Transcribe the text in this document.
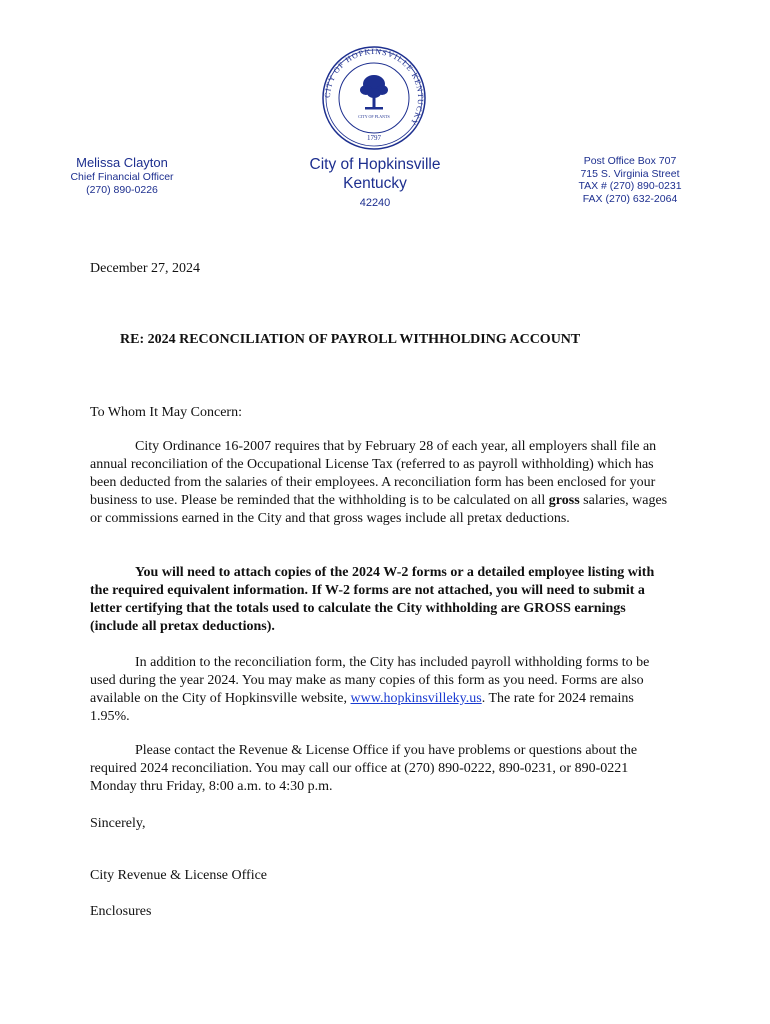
CITY OF HOPKINSVILLE KENTUCKY
CITY OF PLANTS
1797
Melissa Clayton
Chief Financial Officer
(270) 890-0226
City of Hopkinsville
Kentucky
42240
Post Office Box 707
715 S. Virginia Street
TAX # (270) 890-0231
FAX (270) 632-2064
December 27, 2024
RE: 2024 RECONCILIATION OF PAYROLL WITHHOLDING ACCOUNT
To Whom It May Concern:
City Ordinance 16-2007 requires that by February 28 of each year, all employers shall file an annual reconciliation of the Occupational License Tax (referred to as payroll withholding) which has been deducted from the salaries of their employees. A reconciliation form has been enclosed for your business to use. Please be reminded that the withholding is to be calculated on all gross salaries, wages or commissions earned in the City and that gross wages include all pretax deductions.
You will need to attach copies of the 2024 W-2 forms or a detailed employee listing with the required equivalent information. If W-2 forms are not attached, you will need to submit a letter certifying that the totals used to calculate the City withholding are GROSS earnings (include all pretax deductions).
In addition to the reconciliation form, the City has included payroll withholding forms to be used during the year 2024. You may make as many copies of this form as you need. Forms are also available on the City of Hopkinsville website, www.hopkinsvilleky.us. The rate for 2024 remains 1.95%.
Please contact the Revenue & License Office if you have problems or questions about the required 2024 reconciliation. You may call our office at (270) 890-0222, 890-0231, or 890-0221 Monday thru Friday, 8:00 a.m. to 4:30 p.m.
Sincerely,
City Revenue & License Office
Enclosures
